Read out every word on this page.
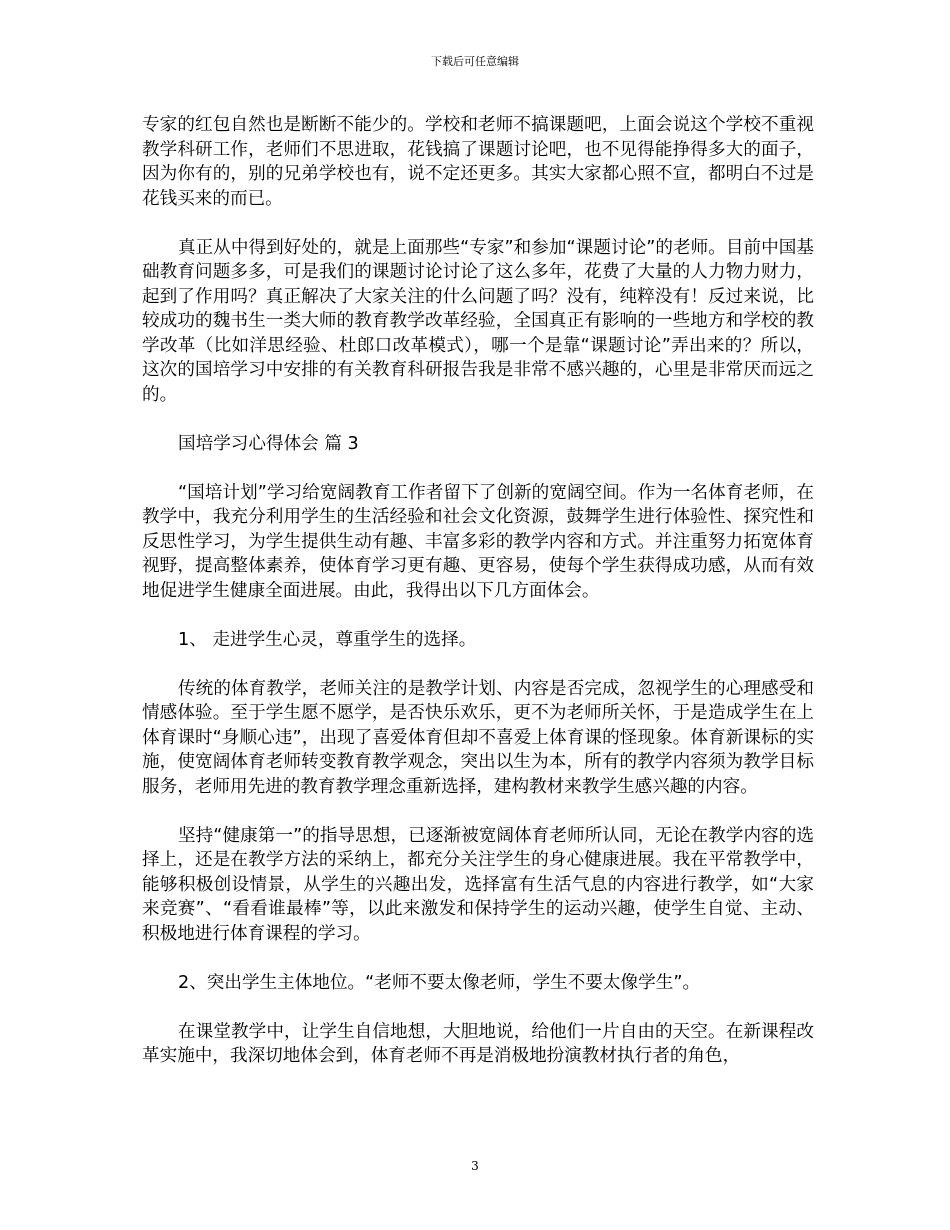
下载后可任意编辑

专家的红包自然也是断断不能少的。学校和老师不搞课题吧，上面会说这个学校不重视教学科研工作，老师们不思进取，花钱搞了课题讨论吧，也不见得能挣得多大的面子，因为你有的，别的兄弟学校也有，说不定还更多。其实大家都心照不宣，都明白不过是花钱买来的而已。

真正从中得到好处的，就是上面那些“专家”和参加“课题讨论”的老师。目前中国基础教育问题多多，可是我们的课题讨论讨论了这么多年，花费了大量的人力物力财力，起到了作用吗？真正解决了大家关注的什么问题了吗？没有，纯粹没有！反过来说，比较成功的魏书生一类大师的教育教学改革经验，全国真正有影响的一些地方和学校的教学改革（比如洋思经验、杜郎口改革模式），哪一个是靠“课题讨论”弄出来的？所以，这次的国培学习中安排的有关教育科研报告我是非常不感兴趣的，心里是非常厌而远之的。

国培学习心得体会 篇 3

“国培计划”学习给宽阔教育工作者留下了创新的宽阔空间。作为一名体育老师，在教学中，我充分利用学生的生活经验和社会文化资源，鼓舞学生进行体验性、探究性和反思性学习，为学生提供生动有趣、丰富多彩的教学内容和方式。并注重努力拓宽体育视野，提高整体素养，使体育学习更有趣、更容易，使每个学生获得成功感，从而有效地促进学生健康全面进展。由此，我得出以下几方面体会。

1、 走进学生心灵，尊重学生的选择。

传统的体育教学，老师关注的是教学计划、内容是否完成，忽视学生的心理感受和情感体验。至于学生愿不愿学，是否快乐欢乐，更不为老师所关怀，于是造成学生在上体育课时“身顺心违”，出现了喜爱体育但却不喜爱上体育课的怪现象。体育新课标的实施，使宽阔体育老师转变教育教学观念，突出以生为本，所有的教学内容须为教学目标服务，老师用先进的教育教学理念重新选择，建构教材来教学生感兴趣的内容。

坚持“健康第一”的指导思想，已逐渐被宽阔体育老师所认同，无论在教学内容的选择上，还是在教学方法的采纳上，都充分关注学生的身心健康进展。我在平常教学中，能够积极创设情景，从学生的兴趣出发，选择富有生活气息的内容进行教学，如“大家来竞赛”、“看看谁最棒”等，以此来激发和保持学生的运动兴趣，使学生自觉、主动、积极地进行体育课程的学习。

2、突出学生主体地位。“老师不要太像老师，学生不要太像学生”。

在课堂教学中，让学生自信地想，大胆地说，给他们一片自由的天空。在新课程改革实施中，我深切地体会到，体育老师不再是消极地扮演教材执行者的角色，

3
